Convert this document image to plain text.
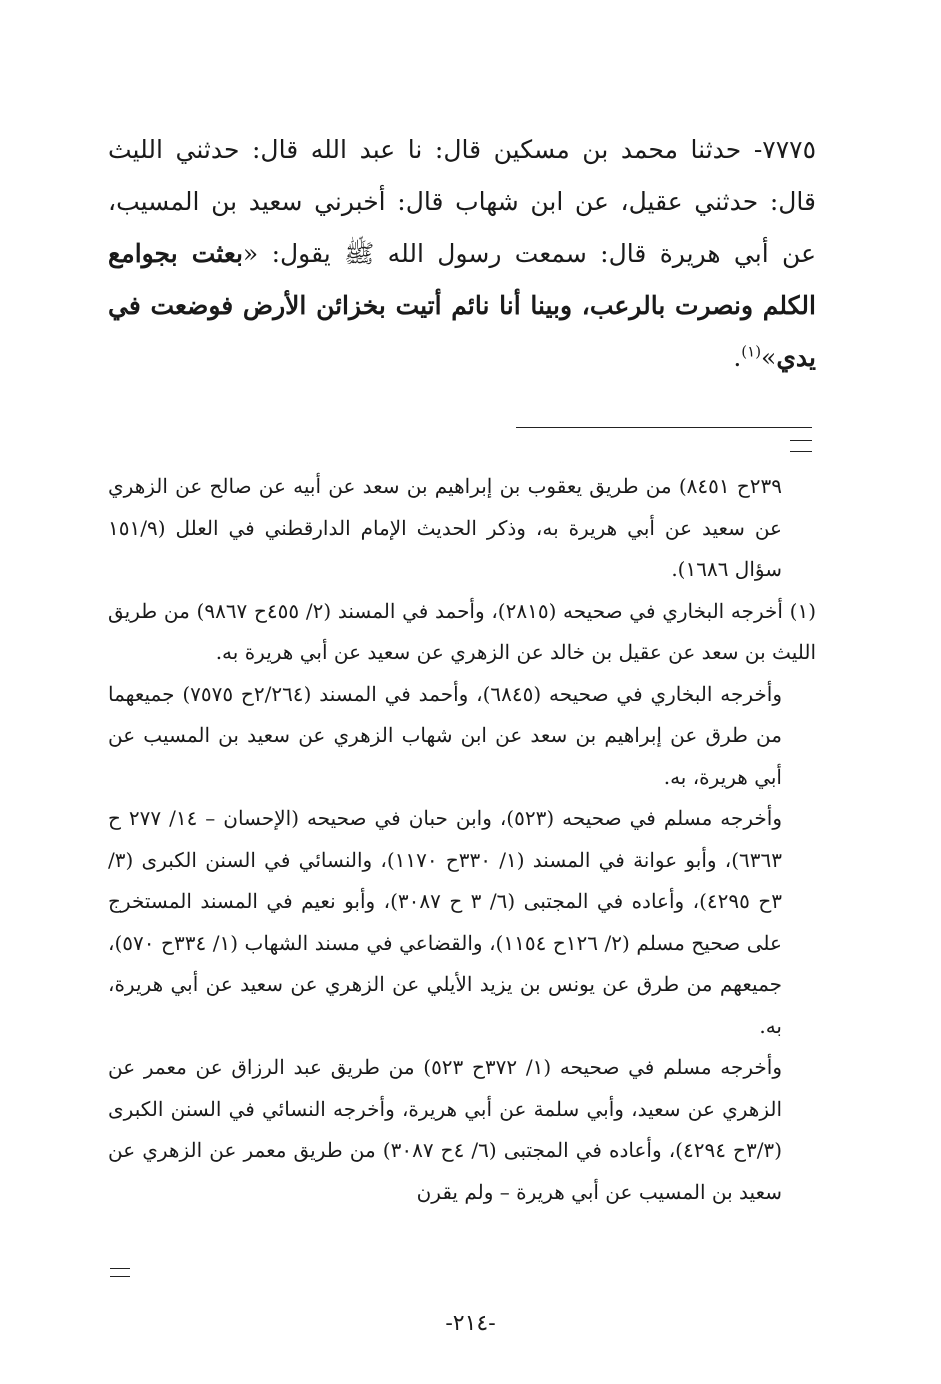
٧٧٧٥- حدثنا محمد بن مسكين قال: نا عبد الله قال: حدثني الليث قال: حدثني عقيل، عن ابن شهاب قال: أخبرني سعيد بن المسيب، عن أبي هريرة قال: سمعت رسول الله ﷺ يقول: «بعثت بجوامع الكلم ونصرت بالرعب، وبينا أنا نائم أتيت بخزائن الأرض فوضعت في يدي»$^{(١)}$.

٢٣٩ح ٨٤٥١) من طريق يعقوب بن إبراهيم بن سعد عن أبيه عن صالح عن الزهري عن سعيد عن أبي هريرة به، وذكر الحديث الإمام الدارقطني في العلل (١٥١/٩ سؤال ١٦٨٦).

(١) أخرجه البخاري في صحيحه (٢٨١٥)، وأحمد في المسند (٢/ ٤٥٥ح ٩٨٦٧) من طريق الليث بن سعد عن عقيل بن خالد عن الزهري عن سعيد عن أبي هريرة به.

وأخرجه البخاري في صحيحه (٦٨٤٥)، وأحمد في المسند (٢/٢٦٤ح ٧٥٧٥) جميعهما من طرق عن إبراهيم بن سعد عن ابن شهاب الزهري عن سعيد بن المسيب عن أبي هريرة، به.

وأخرجه مسلم في صحيحه (٥٢٣)، وابن حبان في صحيحه (الإحسان – ١٤/ ٢٧٧ ح ٦٣٦٣)، وأبو عوانة في المسند (١/ ٣٣٠ح ١١٧٠)، والنسائي في السنن الكبرى (٣/ ٣ح ٤٢٩٥)، وأعاده في المجتبى (٦/ ٣ ح ٣٠٨٧)، وأبو نعيم في المسند المستخرج على صحيح مسلم (٢/ ١٢٦ح ١١٥٤)، والقضاعي في مسند الشهاب (١/ ٣٣٤ح ٥٧٠)، جميعهم من طرق عن يونس بن يزيد الأيلي عن الزهري عن سعيد عن أبي هريرة، به.

وأخرجه مسلم في صحيحه (١/ ٣٧٢ح ٥٢٣) من طريق عبد الرزاق عن معمر عن الزهري عن سعيد، وأبي سلمة عن أبي هريرة، وأخرجه النسائي في السنن الكبرى (٣/٣ح ٤٢٩٤)، وأعاده في المجتبى (٦/ ٤ح ٣٠٨٧) من طريق معمر عن الزهري عن سعيد بن المسيب عن أبي هريرة – ولم يقرن

-٢١٤-
